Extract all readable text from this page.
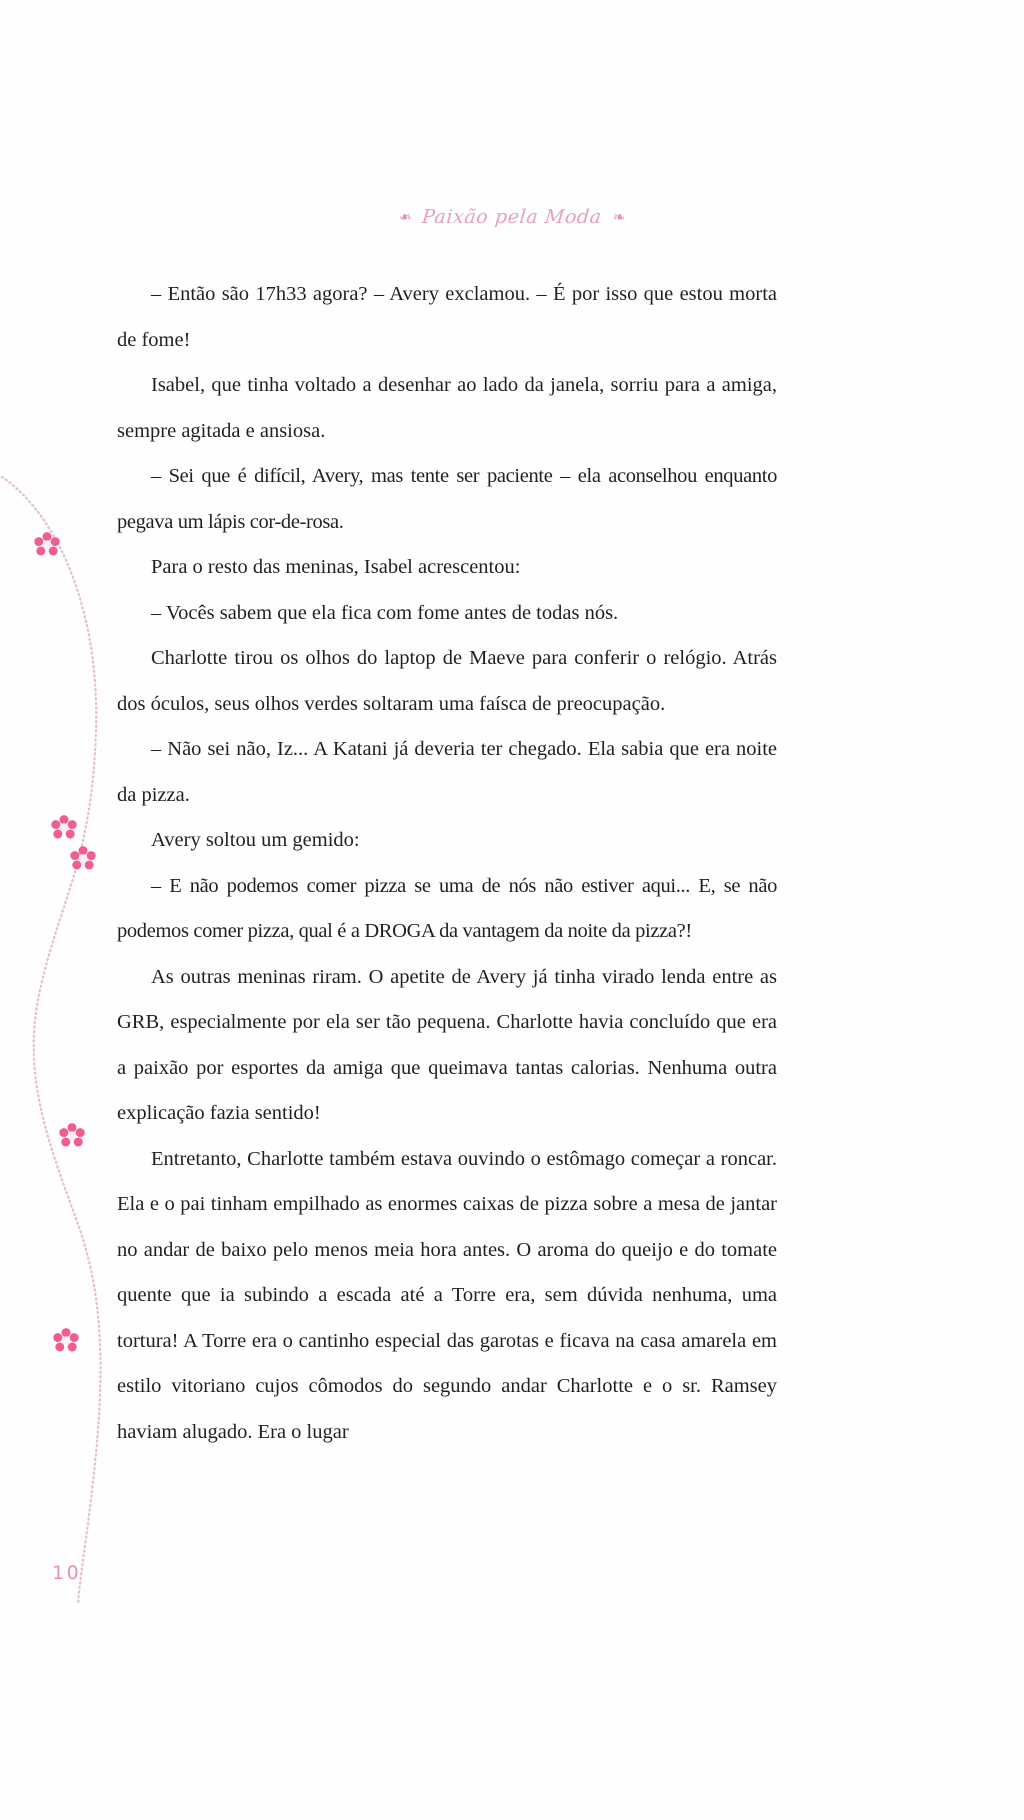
❧ Paixão pela Moda ❧

– Então são 17h33 agora? – Avery exclamou. – É por isso que estou morta de fome!

Isabel, que tinha voltado a desenhar ao lado da janela, sorriu para a amiga, sempre agitada e ansiosa.

– Sei que é difícil, Avery, mas tente ser paciente – ela aconselhou enquanto pegava um lápis cor-de-rosa.

Para o resto das meninas, Isabel acrescentou:

– Vocês sabem que ela fica com fome antes de todas nós.

Charlotte tirou os olhos do laptop de Maeve para conferir o relógio. Atrás dos óculos, seus olhos verdes soltaram uma faísca de preocupação.

– Não sei não, Iz... A Katani já deveria ter chegado. Ela sabia que era noite da pizza.

Avery soltou um gemido:

– E não podemos comer pizza se uma de nós não estiver aqui... E, se não podemos comer pizza, qual é a DROGA da vantagem da noite da pizza?!

As outras meninas riram. O apetite de Avery já tinha virado lenda entre as GRB, especialmente por ela ser tão pequena. Charlotte havia concluído que era a paixão por esportes da amiga que queimava tantas calorias. Nenhuma outra explicação fazia sentido!

Entretanto, Charlotte também estava ouvindo o estômago começar a roncar. Ela e o pai tinham empilhado as enormes caixas de pizza sobre a mesa de jantar no andar de baixo pelo menos meia hora antes. O aroma do queijo e do tomate quente que ia subindo a escada até a Torre era, sem dúvida nenhuma, uma tortura! A Torre era o cantinho especial das garotas e ficava na casa amarela em estilo vitoriano cujos cômodos do segundo andar Charlotte e o sr. Ramsey haviam alugado. Era o lugar

10
